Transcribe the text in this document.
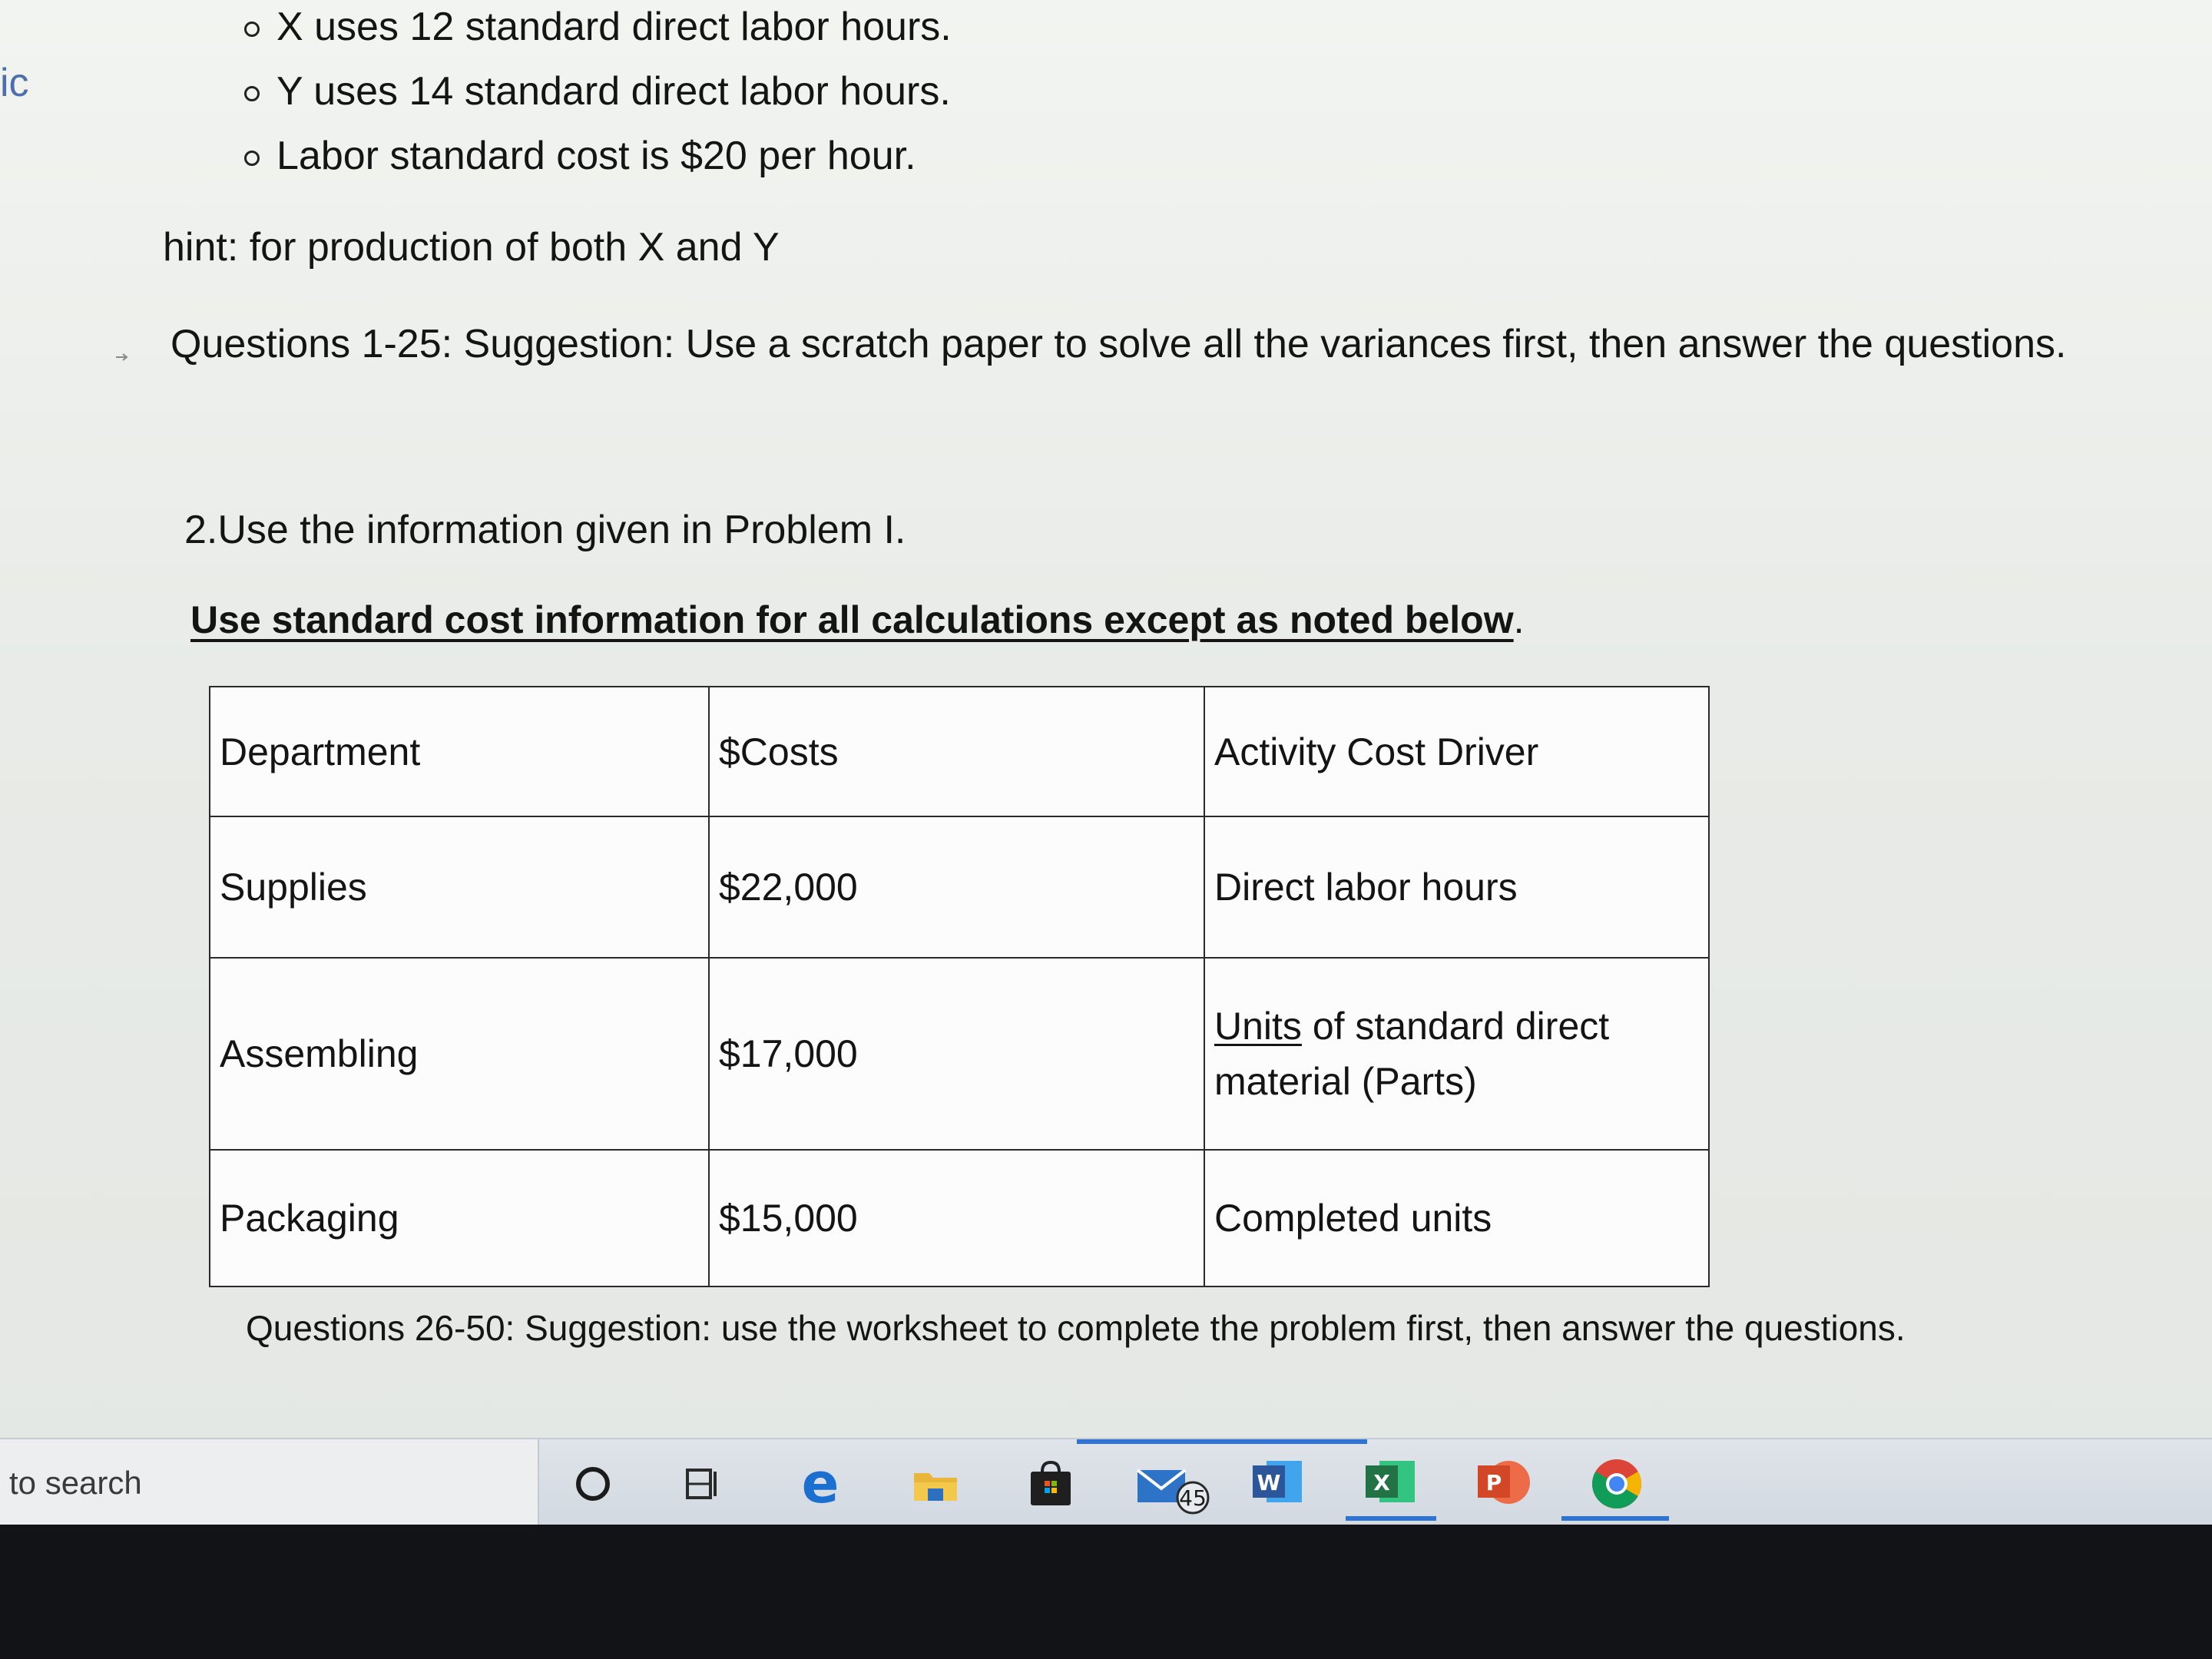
ic
X uses 12 standard direct labor hours.
Y uses 14 standard direct labor hours.
Labor standard cost is $20 per hour.
hint: for production of both X and Y
Questions 1-25: Suggestion: Use a scratch paper to solve all the variances first, then answer the questions.
2.Use the information given in Problem I.
Use standard cost information for all calculations except as noted below.
Department	$Costs	Activity Cost Driver
Supplies	$22,000	Direct labor hours
Assembling	$17,000	Units of standard direct material (Parts)
Packaging	$15,000	Completed units
Questions 26-50: Suggestion: use the worksheet to complete the problem first, then answer the questions.
to search	e	45
W	X	P
